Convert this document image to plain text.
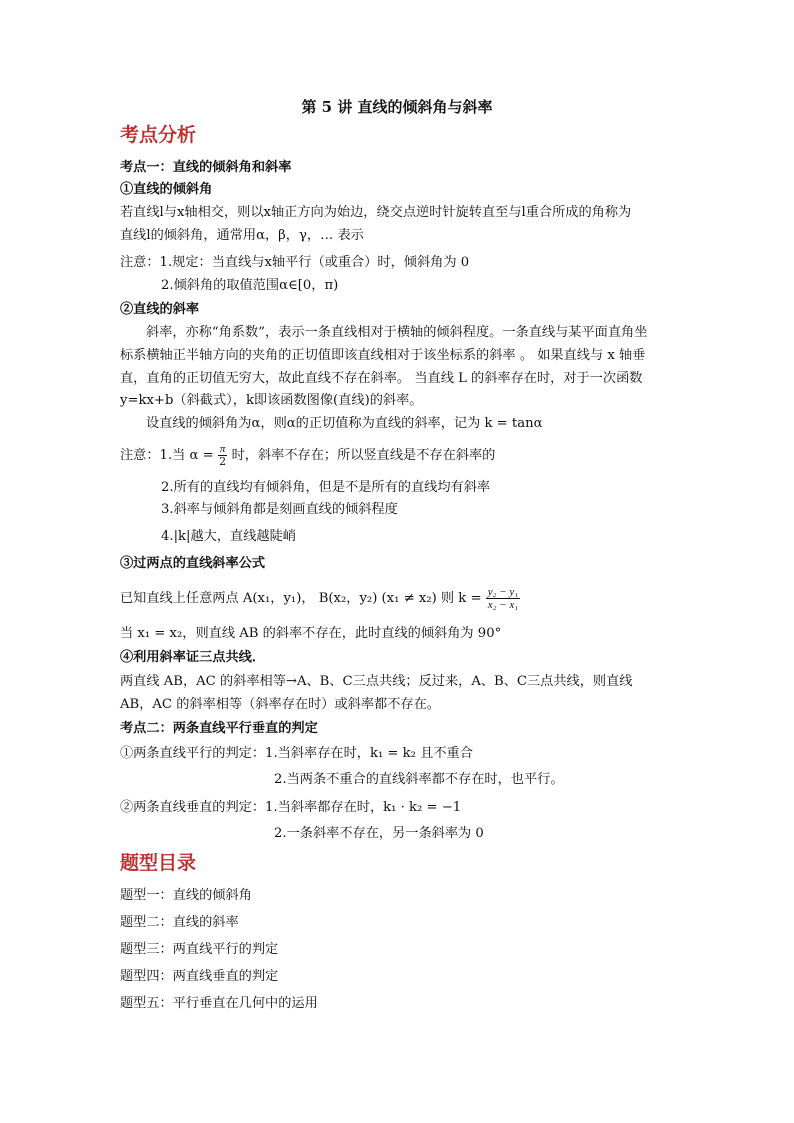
第 5 讲 直线的倾斜角与斜率
考点分析
考点一：直线的倾斜角和斜率
①直线的倾斜角
若直线l与x轴相交，则以x轴正方向为始边，绕交点逆时针旋转直至与l重合所成的角称为
直线l的倾斜角，通常用α，β，γ，… 表示
注意：1.规定：当直线与x轴平行（或重合）时，倾斜角为 0
2.倾斜角的取值范围α∈[0，π)
②直线的斜率
斜率，亦称“角系数”，表示一条直线相对于横轴的倾斜程度。一条直线与某平面直角坐
标系横轴正半轴方向的夹角的正切值即该直线相对于该坐标系的斜率 。 如果直线与 x 轴垂
直，直角的正切值无穷大，故此直线不存在斜率。 当直线 L 的斜率存在时，对于一次函数
y=kx+b（斜截式），k即该函数图像(直线)的斜率。
设直线的倾斜角为α，则α的正切值称为直线的斜率，记为 k = tanα
注意：1.当 $\alpha = \frac{\pi}{2}$ 时，斜率不存在；所以竖直线是不存在斜率的
2.所有的直线均有倾斜角，但是不是所有的直线均有斜率
3.斜率与倾斜角都是刻画直线的倾斜程度
4.|k|越大，直线越陡峭
③过两点的直线斜率公式
已知直线上任意两点 A(x₁，y₁)， B(x₂，y₂) (x₁ ≠ x₂) 则 $k = \frac{\text{y₂ − y₁}}{\text{x₂ − x₁}}$
当 x₁ = x₂，则直线 AB 的斜率不存在，此时直线的倾斜角为 90°
④利用斜率证三点共线．
两直线 AB，AC 的斜率相等→A、B、C三点共线；反过来，A、B、C三点共线，则直线
AB，AC 的斜率相等（斜率存在时）或斜率都不存在。
考点二：两条直线平行垂直的判定
①两条直线平行的判定：1.当斜率存在时，k₁ = k₂ 且不重合
2.当两条不重合的直线斜率都不存在时，也平行。
②两条直线垂直的判定：1.当斜率都存在时，k₁ · k₂ = −1
2.一条斜率不存在，另一条斜率为 0
题型目录
题型一：直线的倾斜角
题型二：直线的斜率
题型三：两直线平行的判定
题型四：两直线垂直的判定
题型五：平行垂直在几何中的运用
